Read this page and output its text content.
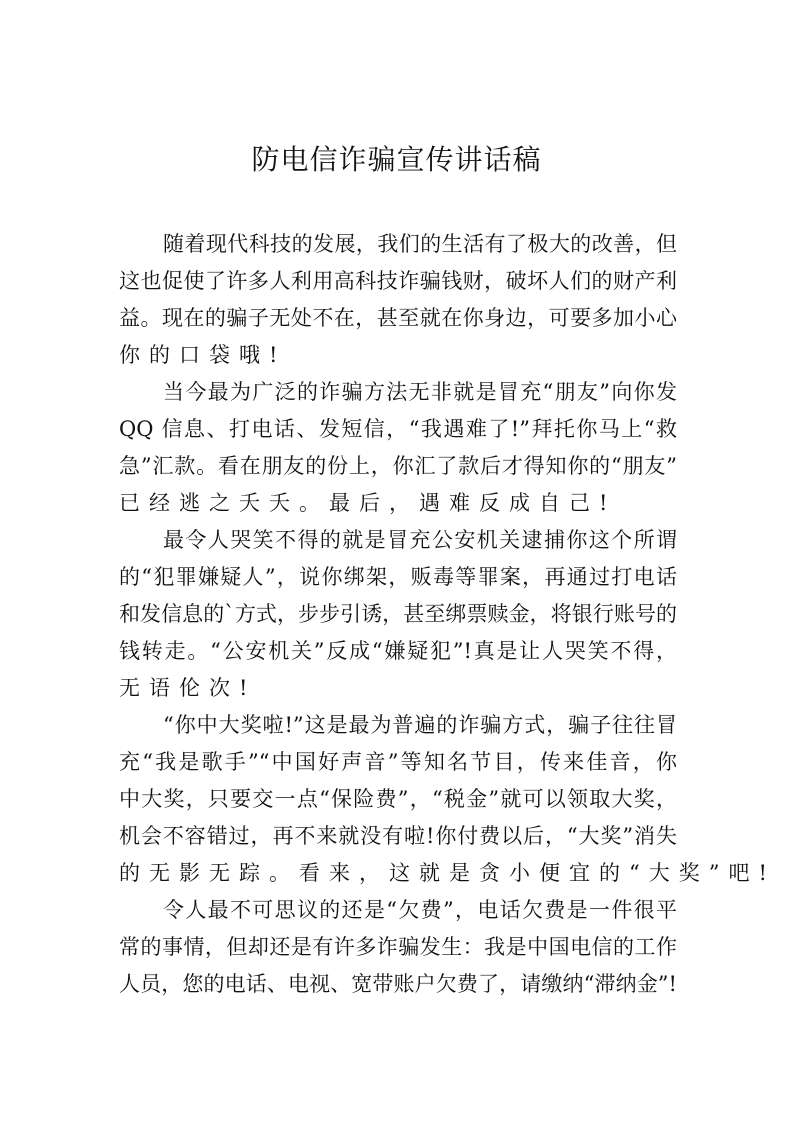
防电信诈骗宣传讲话稿
随着现代科技的发展，我们的生活有了极大的改善，但
这也促使了许多人利用高科技诈骗钱财，破坏人们的财产利
益。现在的骗子无处不在，甚至就在你身边，可要多加小心
你的口袋哦!
当今最为广泛的诈骗方法无非就是冒充“朋友”向你发
QQ 信息、打电话、发短信，“我遇难了!”拜托你马上“救
急”汇款。看在朋友的份上，你汇了款后才得知你的“朋友”
已经逃之夭夭。最后，遇难反成自己!
最令人哭笑不得的就是冒充公安机关逮捕你这个所谓
的“犯罪嫌疑人”，说你绑架，贩毒等罪案，再通过打电话
和发信息的`方式，步步引诱，甚至绑票赎金，将银行账号的
钱转走。“公安机关”反成“嫌疑犯”!真是让人哭笑不得，
无语伦次!
“你中大奖啦!”这是最为普遍的诈骗方式，骗子往往冒
充“我是歌手”“中国好声音”等知名节目，传来佳音，你
中大奖，只要交一点“保险费”，“税金”就可以领取大奖，
机会不容错过，再不来就没有啦!你付费以后，“大奖”消失
的无影无踪。看来，这就是贪小便宜的“大奖”吧!
令人最不可思议的还是“欠费”，电话欠费是一件很平
常的事情，但却还是有许多诈骗发生：我是中国电信的工作
人员，您的电话、电视、宽带账户欠费了，请缴纳“滞纳金”!
